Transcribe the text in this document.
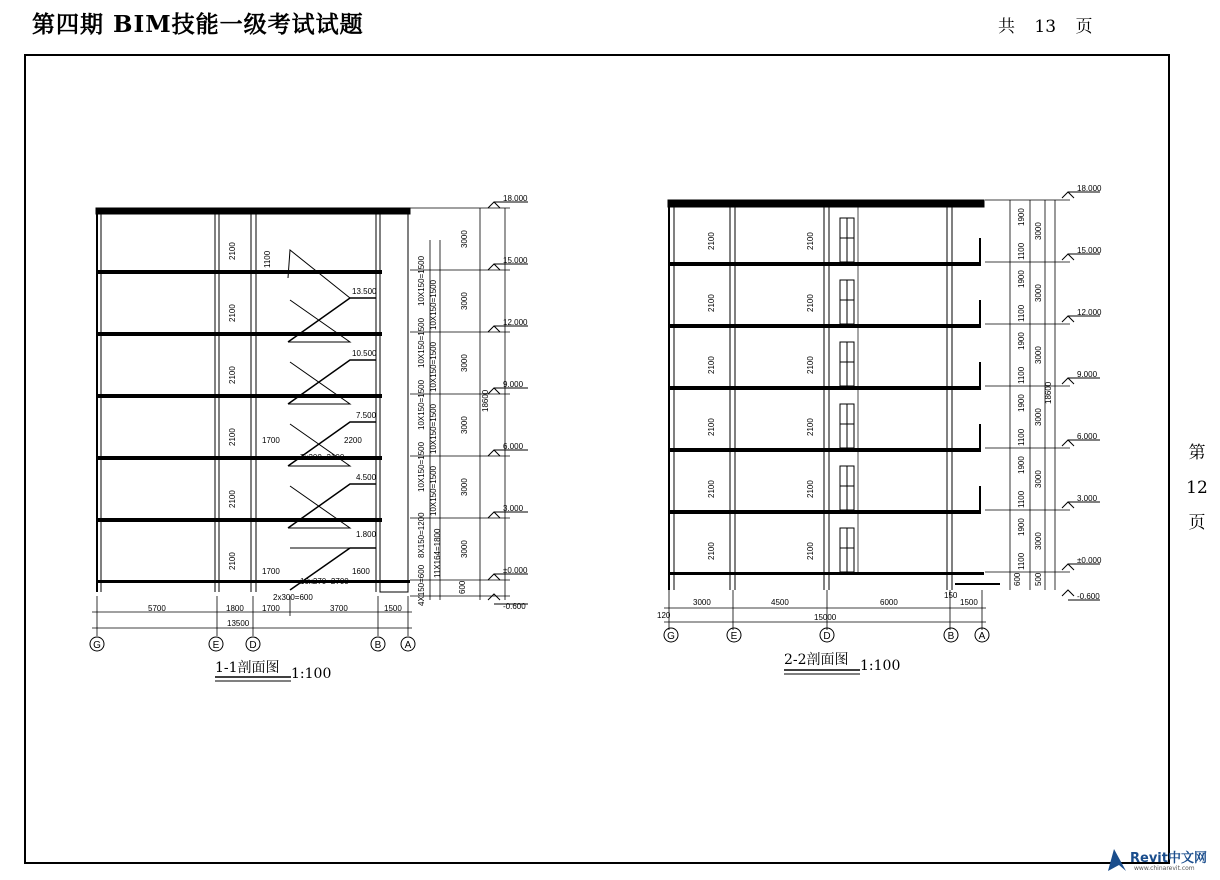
第四期 BIM技能一级考试试题	共 13 页
第
12
页
18.000
15.000
12.000
9.000
6.000
3.000
±0.000
-0.600
13.500
10.500
7.500
4.500
1.800
3000
3000
3000
3000
3000
3000
18600
10X150=1500 10X150=1500
10X150=1500 10X150=1500
10X150=1500 10X150=1500
10X150=1500 10X150=1500
8X150=1200 11X164=1800
4X150=600
2100
2100
2100
2100
2100
2100
1100
1700	2200
7x300=2100
1700	1600
10x270=2700
2x300=600
600
5700	1800 1700	3700	1500
13500
G	E	D	B A
1-1剖面图 1:100
18.000
15.000
12.000
9.000
6.000
3.000
±0.000
-0.600
2100
2100
2100
2100
2100
2100
2100
2100
2100
2100
2100
2100
1900
1900
1900
1900
1900
1900
1100
1100
1100
1100
1100
1100
3000
3000
3000
3000
3000
3000
18600
600 500
120
3000	4500	6000
150
1500
15000
G	E	D	B A
2-2剖面图 1:100
Revit中文网
www.chinarevit.com
